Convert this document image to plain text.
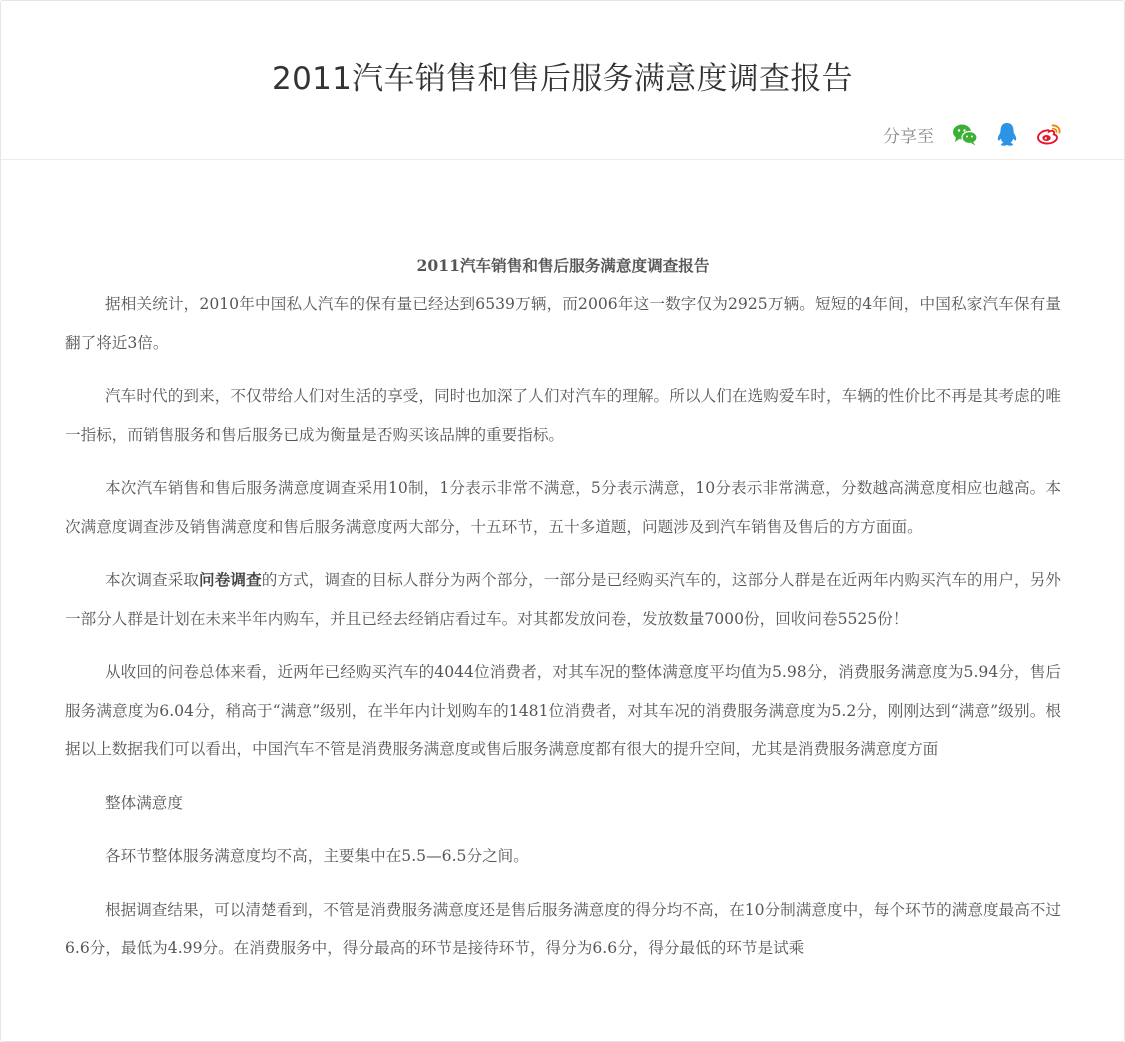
2011汽车销售和售后服务满意度调查报告
分享至
2011汽车销售和售后服务满意度调查报告

据相关统计，2010年中国私人汽车的保有量已经达到6539万辆，而2006年这一数字仅为2925万辆。短短的4年间，中国私家汽车保有量翻了将近3倍。

汽车时代的到来，不仅带给人们对生活的享受，同时也加深了人们对汽车的理解。所以人们在选购爱车时，车辆的性价比不再是其考虑的唯一指标，而销售服务和售后服务已成为衡量是否购买该品牌的重要指标。

本次汽车销售和售后服务满意度调查采用10制，1分表示非常不满意，5分表示满意，10分表示非常满意，分数越高满意度相应也越高。本次满意度调查涉及销售满意度和售后服务满意度两大部分，十五环节，五十多道题，问题涉及到汽车销售及售后的方方面面。

本次调查采取问卷调查的方式，调查的目标人群分为两个部分，一部分是已经购买汽车的，这部分人群是在近两年内购买汽车的用户，另外一部分人群是计划在未来半年内购车，并且已经去经销店看过车。对其都发放问卷，发放数量7000份，回收问卷5525份！

从收回的问卷总体来看，近两年已经购买汽车的4044位消费者，对其车况的整体满意度平均值为5.98分，消费服务满意度为5.94分，售后服务满意度为6.04分，稍高于“满意”级别，在半年内计划购车的1481位消费者，对其车况的消费服务满意度为5.2分，刚刚达到“满意”级别。根据以上数据我们可以看出，中国汽车不管是消费服务满意度或售后服务满意度都有很大的提升空间，尤其是消费服务满意度方面

整体满意度

各环节整体服务满意度均不高，主要集中在5.5—6.5分之间。

根据调查结果，可以清楚看到，不管是消费服务满意度还是售后服务满意度的得分均不高，在10分制满意度中，每个环节的满意度最高不过6.6分，最低为4.99分。在消费服务中，得分最高的环节是接待环节，得分为6.6分，得分最低的环节是试乘
